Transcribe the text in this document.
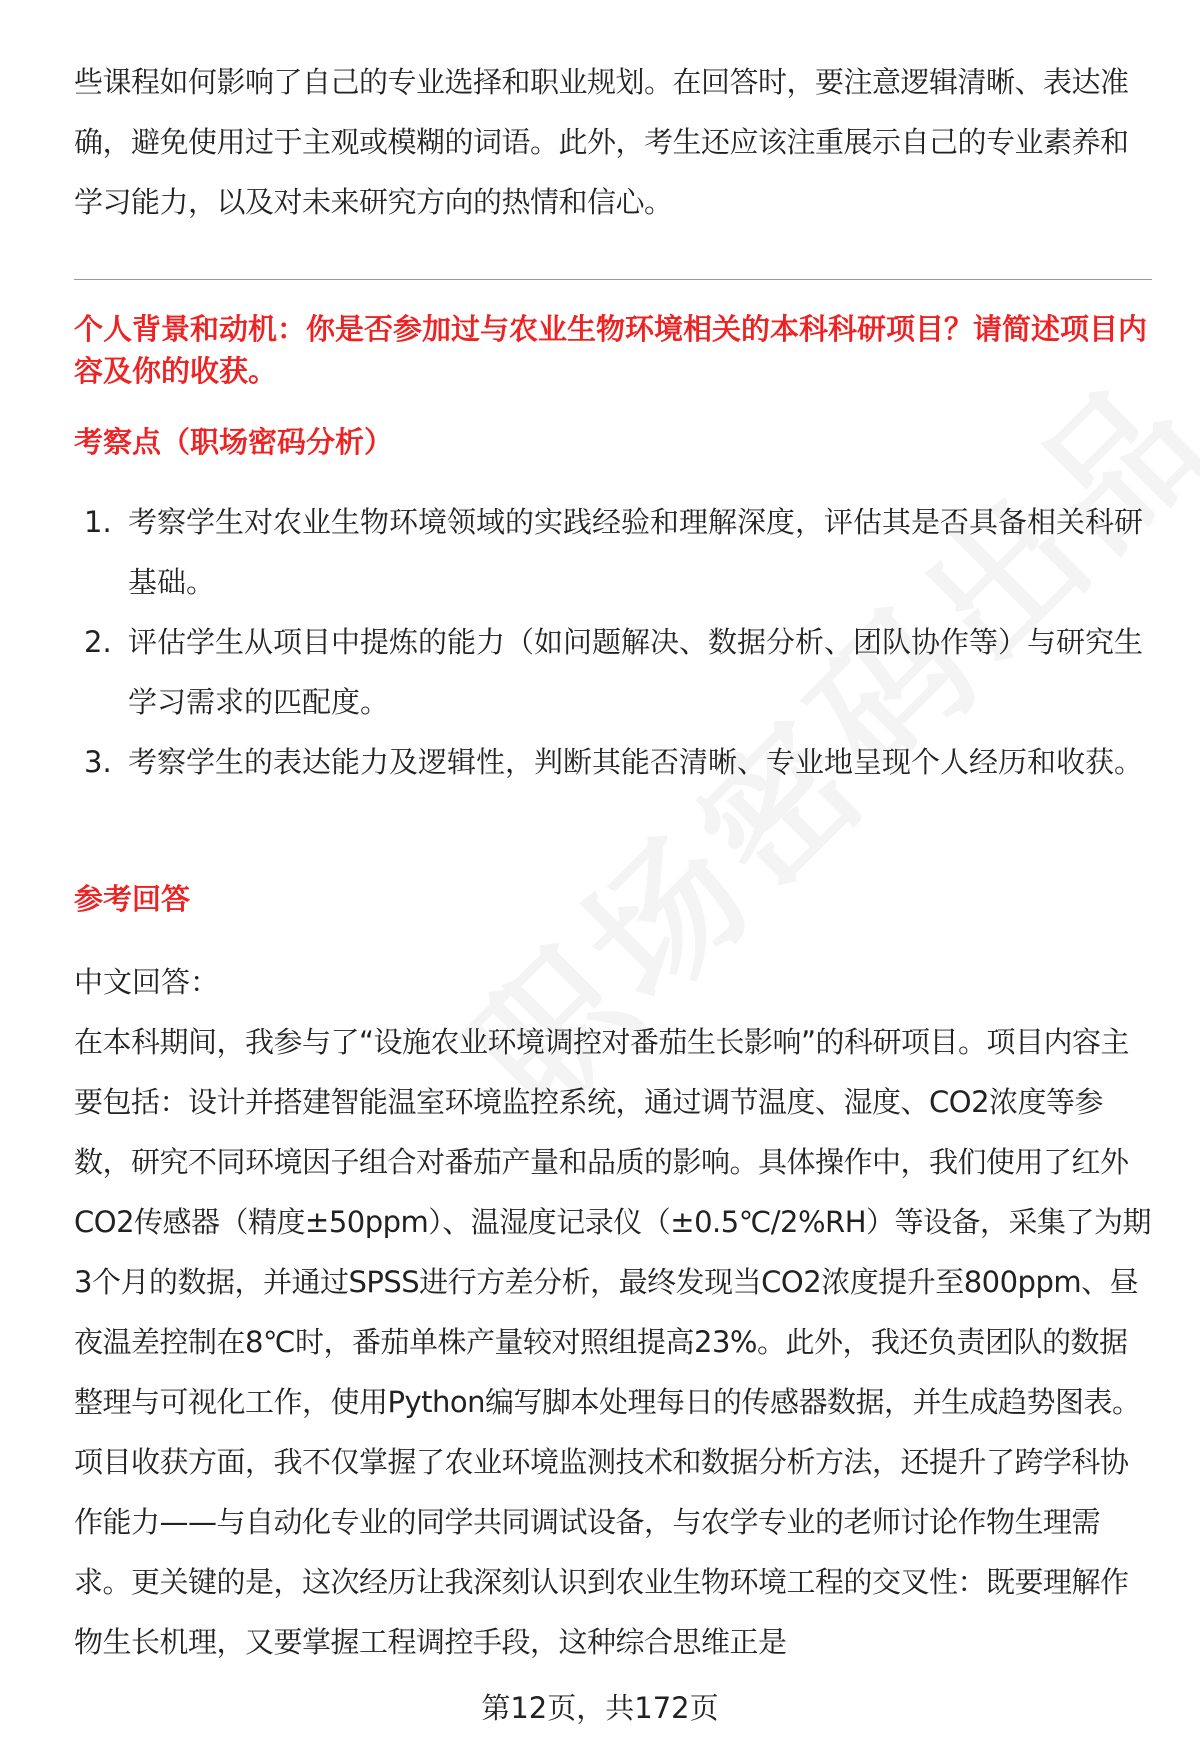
些课程如何影响了自己的专业选择和职业规划。在回答时，要注意逻辑清晰、表达准确，避免使用过于主观或模糊的词语。此外，考生还应该注重展示自己的专业素养和学习能力，以及对未来研究方向的热情和信心。

个人背景和动机：你是否参加过与农业生物环境相关的本科科研项目？请简述项目内容及你的收获。

考察点（职场密码分析）
1. 考察学生对农业生物环境领域的实践经验和理解深度，评估其是否具备相关科研基础。
2. 评估学生从项目中提炼的能力（如问题解决、数据分析、团队协作等）与研究生学习需求的匹配度。
3. 考察学生的表达能力及逻辑性，判断其能否清晰、专业地呈现个人经历和收获。
参考回答

中文回答：

在本科期间，我参与了“设施农业环境调控对番茄生长影响”的科研项目。项目内容主要包括：设计并搭建智能温室环境监控系统，通过调节温度、湿度、CO2浓度等参数，研究不同环境因子组合对番茄产量和品质的影响。具体操作中，我们使用了红外CO2传感器（精度±50ppm）、温湿度记录仪（±0.5℃/2%RH）等设备，采集了为期3个月的数据，并通过SPSS进行方差分析，最终发现当CO2浓度提升至800ppm、昼夜温差控制在8℃时，番茄单株产量较对照组提高23%。此外，我还负责团队的数据整理与可视化工作，使用Python编写脚本处理每日的传感器数据，并生成趋势图表。项目收获方面，我不仅掌握了农业环境监测技术和数据分析方法，还提升了跨学科协作能力——与自动化专业的同学共同调试设备，与农学专业的老师讨论作物生理需求。更关键的是，这次经历让我深刻认识到农业生物环境工程的交叉性：既要理解作物生长机理，又要掌握工程调控手段，这种综合思维正是

第12页，共172页
